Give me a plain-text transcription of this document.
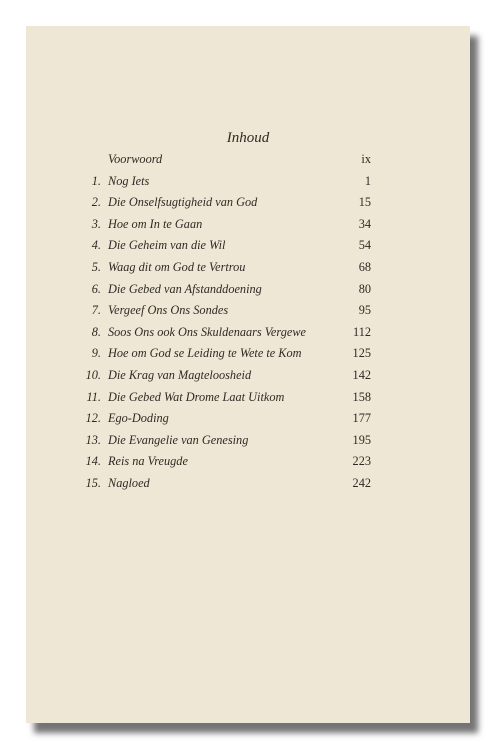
Inhoud
Voorwoord	ix
1. Nog Iets	1
2. Die Onselfsugtigheid van God	15
3. Hoe om In te Gaan	34
4. Die Geheim van die Wil	54
5. Waag dit om God te Vertrou	68
6. Die Gebed van Afstanddoening	80
7. Vergeef Ons Ons Sondes	95
8. Soos Ons ook Ons Skuldenaars Vergewe	112
9. Hoe om God se Leiding te Wete te Kom	125
10. Die Krag van Magteloosheid	142
11. Die Gebed Wat Drome Laat Uitkom	158
12. Ego-Doding	177
13. Die Evangelie van Genesing	195
14. Reis na Vreugde	223
15. Nagloed	242
